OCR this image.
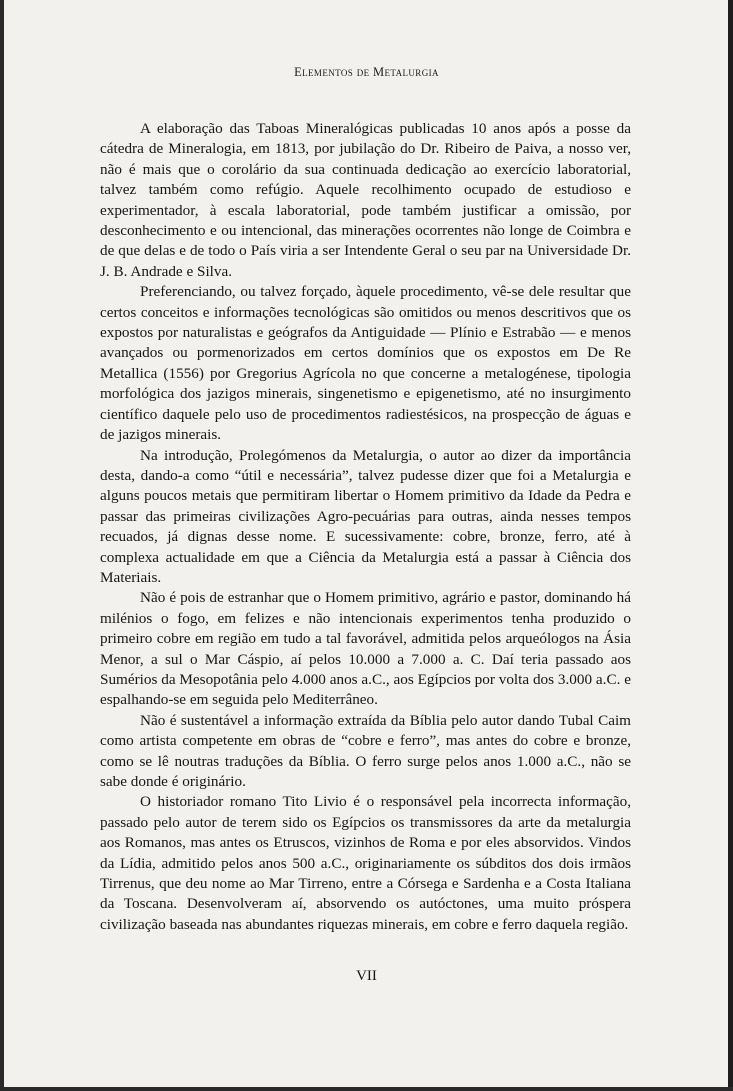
Elementos de Metalurgia

A elaboração das Taboas Mineralógicas publicadas 10 anos após a posse da cátedra de Mineralogia, em 1813, por jubilação do Dr. Ribeiro de Paiva, a nosso ver, não é mais que o corolário da sua continuada dedicação ao exercício laboratorial, talvez também como refúgio. Aquele recolhimento ocupado de estudioso e experimentador, à escala laboratorial, pode também justificar a omissão, por desconhecimento e ou intencional, das minerações ocorrentes não longe de Coimbra e de que delas e de todo o País viria a ser Intendente Geral o seu par na Universidade Dr. J. B. Andrade e Silva.

Preferenciando, ou talvez forçado, àquele procedimento, vê-se dele resultar que certos conceitos e informações tecnológicas são omitidos ou menos descritivos que os expostos por naturalistas e geógrafos da Antiguidade — Plínio e Estrabão — e menos avançados ou pormenorizados em certos domínios que os expostos em De Re Metallica (1556) por Gregorius Agrícola no que concerne a metalogénese, tipologia morfológica dos jazigos minerais, singenetismo e epigenetismo, até no insurgimento científico daquele pelo uso de procedimentos radiestésicos, na prospecção de águas e de jazigos minerais.

Na introdução, Prolegómenos da Metalurgia, o autor ao dizer da importância desta, dando-a como “útil e necessária”, talvez pudesse dizer que foi a Metalurgia e alguns poucos metais que permitiram libertar o Homem primitivo da Idade da Pedra e passar das primeiras civilizações Agro-pecuárias para outras, ainda nesses tempos recuados, já dignas desse nome. E sucessivamente: cobre, bronze, ferro, até à complexa actualidade em que a Ciência da Metalurgia está a passar à Ciência dos Materiais.

Não é pois de estranhar que o Homem primitivo, agrário e pastor, dominando há milénios o fogo, em felizes e não intencionais experimentos tenha produzido o primeiro cobre em região em tudo a tal favorável, admitida pelos arqueólogos na Ásia Menor, a sul o Mar Cáspio, aí pelos 10.000 a 7.000 a. C. Daí teria passado aos Sumérios da Mesopotânia pelo 4.000 anos a.C., aos Egípcios por volta dos 3.000 a.C. e espalhando-se em seguida pelo Mediterrâneo.

Não é sustentável a informação extraída da Bíblia pelo autor dando Tubal Caim como artista competente em obras de “cobre e ferro”, mas antes do cobre e bronze, como se lê noutras traduções da Bíblia. O ferro surge pelos anos 1.000 a.C., não se sabe donde é originário.

O historiador romano Tito Livio é o responsável pela incorrecta informação, passado pelo autor de terem sido os Egípcios os transmissores da arte da metalurgia aos Romanos, mas antes os Etruscos, vizinhos de Roma e por eles absorvidos. Vindos da Lídia, admitido pelos anos 500 a.C., originariamente os súbditos dos dois irmãos Tirrenus, que deu nome ao Mar Tirreno, entre a Córsega e Sardenha e a Costa Italiana da Toscana. Desenvolveram aí, absorvendo os autóctones, uma muito próspera civilização baseada nas abundantes riquezas minerais, em cobre e ferro daquela região.

VII
